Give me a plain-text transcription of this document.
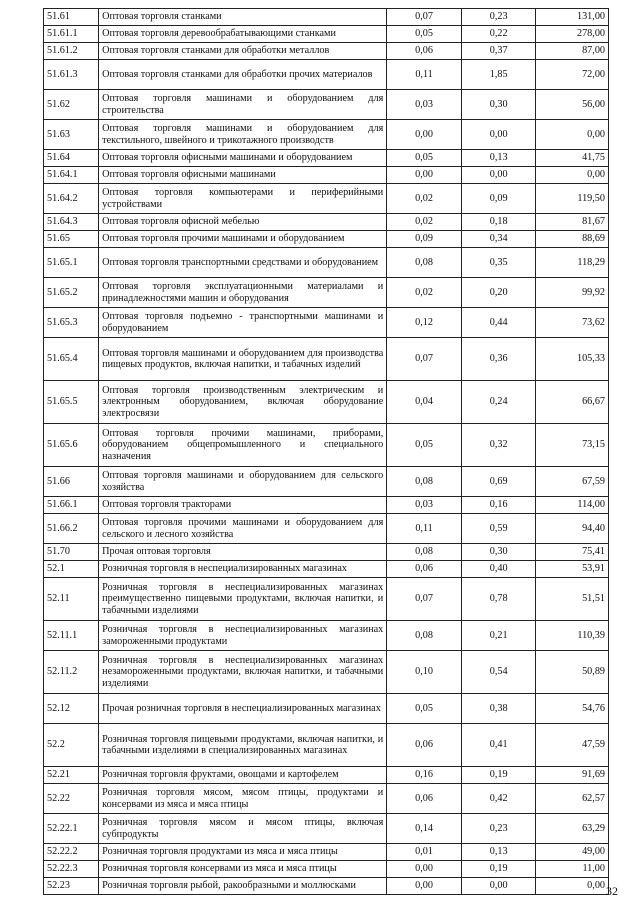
51.61	Оптовая торговля станками	0,07	0,23	131,00
51.61.1	Оптовая торговля деревообрабатывающими станками	0,05	0,22	278,00
51.61.2	Оптовая торговля станками для обработки металлов	0,06	0,37	87,00
51.61.3	Оптовая торговля станками для обработки прочих материалов	0,11	1,85	72,00
51.62	Оптовая торговля машинами и оборудованием для строительства	0,03	0,30	56,00
51.63	Оптовая торговля машинами и оборудованием для текстильного, швейного и трикотажного производств	0,00	0,00	0,00
51.64	Оптовая торговля офисными машинами и оборудованием	0,05	0,13	41,75
51.64.1	Оптовая торговля офисными машинами	0,00	0,00	0,00
51.64.2	Оптовая торговля компьютерами и периферийными устройствами	0,02	0,09	119,50
51.64.3	Оптовая торговля офисной мебелью	0,02	0,18	81,67
51.65	Оптовая торговля прочими машинами и оборудованием	0,09	0,34	88,69
51.65.1	Оптовая торговля транспортными средствами и оборудованием	0,08	0,35	118,29
51.65.2	Оптовая торговля эксплуатационными материалами и принадлежностями машин и оборудования	0,02	0,20	99,92
51.65.3	Оптовая торговля подъемно - транспортными машинами и оборудованием	0,12	0,44	73,62
51.65.4	Оптовая торговля машинами и оборудованием для производства пищевых продуктов, включая напитки, и табачных изделий	0,07	0,36	105,33
51.65.5	Оптовая торговля производственным электрическим и электронным оборудованием, включая оборудование электросвязи	0,04	0,24	66,67
51.65.6	Оптовая торговля прочими машинами, приборами, оборудованием общепромышленного и специального назначения	0,05	0,32	73,15
51.66	Оптовая торговля машинами и оборудованием для сельского хозяйства	0,08	0,69	67,59
51.66.1	Оптовая торговля тракторами	0,03	0,16	114,00
51.66.2	Оптовая торговля прочими машинами и оборудованием для сельского и лесного хозяйства	0,11	0,59	94,40
51.70	Прочая оптовая торговля	0,08	0,30	75,41
52.1	Розничная торговля в неспециализированных магазинах	0,06	0,40	53,91
52.11	Розничная торговля в неспециализированных магазинах преимущественно пищевыми продуктами, включая напитки, и табачными изделиями	0,07	0,78	51,51
52.11.1	Розничная торговля в неспециализированных магазинах замороженными продуктами	0,08	0,21	110,39
52.11.2	Розничная торговля в неспециализированных магазинах незамороженными продуктами, включая напитки, и табачными изделиями	0,10	0,54	50,89
52.12	Прочая розничная торговля в неспециализированных магазинах	0,05	0,38	54,76
52.2	Розничная торговля пищевыми продуктами, включая напитки, и табачными изделиями в специализированных магазинах	0,06	0,41	47,59
52.21	Розничная торговля фруктами, овощами и картофелем	0,16	0,19	91,69
52.22	Розничная торговля мясом, мясом птицы, продуктами и консервами из мяса и мяса птицы	0,06	0,42	62,57
52.22.1	Розничная торговля мясом и мясом птицы, включая субпродукты	0,14	0,23	63,29
52.22.2	Розничная торговля продуктами из мяса и мяса птицы	0,01	0,13	49,00
52.22.3	Розничная торговля консервами из мяса и мяса птицы	0,00	0,19	11,00
52.23	Розничная торговля рыбой, ракообразными и моллюсками	0,00	0,00	0,00 32
